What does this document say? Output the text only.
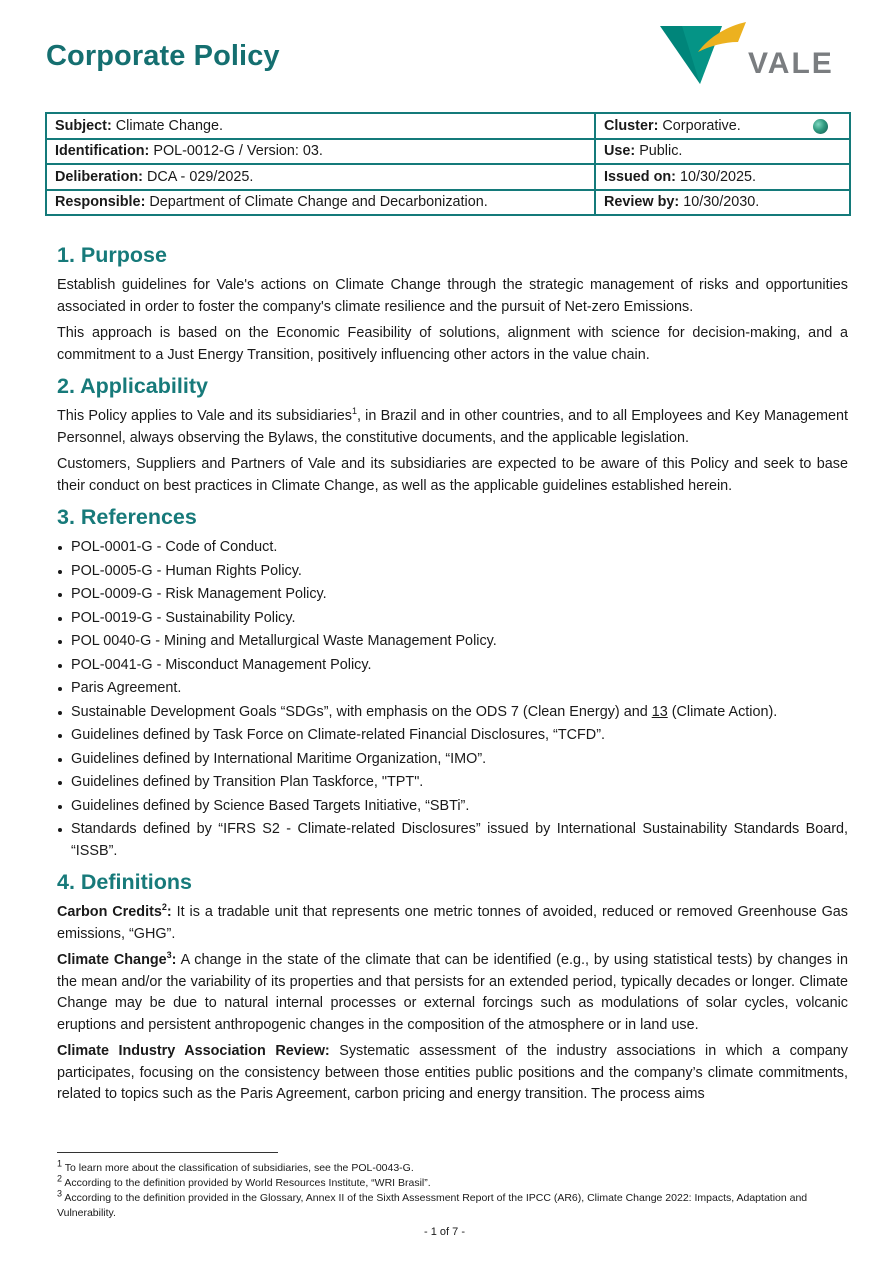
Corporate Policy	VALE
Subject: Climate Change.	Cluster: Corporative.

Identification: POL-0012-G / Version: 03.	Use: Public.
Deliberation: DCA - 029/2025.	Issued on: 10/30/2025.
Responsible: Department of Climate Change and Decarbonization.	Review by: 10/30/2030.
1. Purpose

Establish guidelines for Vale's actions on Climate Change through the strategic management of risks and opportunities associated in order to foster the company's climate resilience and the pursuit of Net-zero Emissions.

This approach is based on the Economic Feasibility of solutions, alignment with science for decision-making, and a commitment to a Just Energy Transition, positively influencing other actors in the value chain.

2. Applicability

This Policy applies to Vale and its subsidiaries$^1$, in Brazil and in other countries, and to all Employees and Key Management Personnel, always observing the Bylaws, the constitutive documents, and the applicable legislation.

Customers, Suppliers and Partners of Vale and its subsidiaries are expected to be aware of this Policy and seek to base their conduct on best practices in Climate Change, as well as the applicable guidelines established herein.

3. References
POL-0001-G - Code of Conduct.
POL-0005-G - Human Rights Policy.
POL-0009-G - Risk Management Policy.
POL-0019-G - Sustainability Policy.
POL 0040-G - Mining and Metallurgical Waste Management Policy.
POL-0041-G - Misconduct Management Policy.
Paris Agreement.
Sustainable Development Goals “SDGs”, with emphasis on the ODS 7 (Clean Energy) and 13 (Climate Action).
Guidelines defined by Task Force on Climate-related Financial Disclosures, “TCFD”.
Guidelines defined by International Maritime Organization, “IMO”.
Guidelines defined by Transition Plan Taskforce, "TPT".
Guidelines defined by Science Based Targets Initiative, “SBTi”.
Standards defined by “IFRS S2 - Climate-related Disclosures” issued by International Sustainability Standards Board, “ISSB”.
4. Definitions

Carbon Credits$^2$: It is a tradable unit that represents one metric tonnes of avoided, reduced or removed Greenhouse Gas emissions, “GHG”.

Climate Change$^3$: A change in the state of the climate that can be identified (e.g., by using statistical tests) by changes in the mean and/or the variability of its properties and that persists for an extended period, typically decades or longer. Climate Change may be due to natural internal processes or external forcings such as modulations of solar cycles, volcanic eruptions and persistent anthropogenic changes in the composition of the atmosphere or in land use.

Climate Industry Association Review: Systematic assessment of the industry associations in which a company participates, focusing on the consistency between those entities public positions and the company’s climate commitments, related to topics such as the Paris Agreement, carbon pricing and energy transition. The process aims

$^1$ To learn more about the classification of subsidiaries, see the POL-0043-G.
$^2$ According to the definition provided by World Resources Institute, “WRI Brasil”.
$^3$ According to the definition provided in the Glossary, Annex II of the Sixth Assessment Report of the IPCC (AR6), Climate Change 2022: Impacts, Adaptation and Vulnerability.
- 1 of 7 -
